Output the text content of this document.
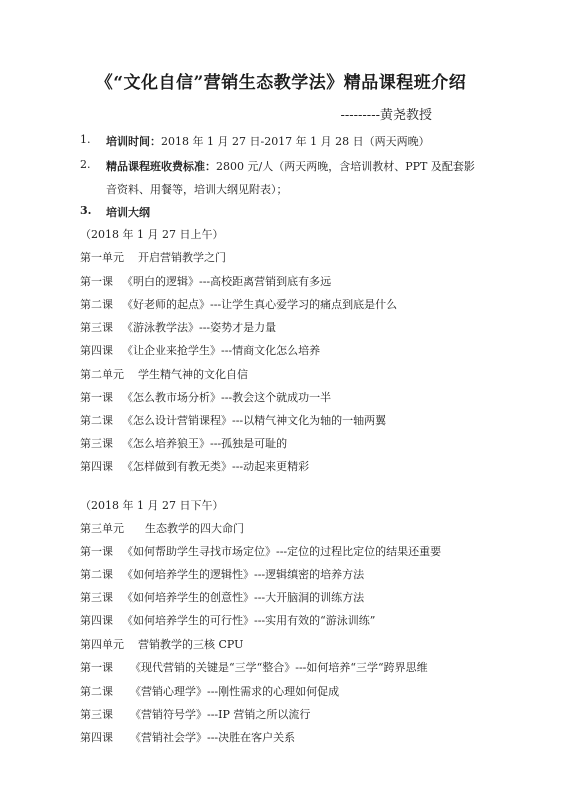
《“文化自信”营销生态教学法》精品课程班介绍
---------黄尧教授
1. 培训时间：2018 年 1 月 27 日-2017 年 1 月 28 日（两天两晚）
2. 精品课程班收费标准：2800 元/人（两天两晚，含培训教材、PPT 及配套影
音资料、用餐等，培训大纲见附表）；
3. 培训大纲
（2018 年 1 月 27 日上午）
第一单元 开启营销教学之门
第一课 《明白的逻辑》---高校距离营销到底有多远
第二课 《好老师的起点》---让学生真心爱学习的痛点到底是什么
第三课 《游泳教学法》---姿势才是力量
第四课 《让企业来抢学生》---情商文化怎么培养
第二单元 学生精气神的文化自信
第一课 《怎么教市场分析》---教会这个就成功一半
第二课 《怎么设计营销课程》---以精气神文化为轴的一轴两翼
第三课 《怎么培养狼王》---孤独是可耻的
第四课 《怎样做到有教无类》---动起来更精彩
（2018 年 1 月 27 日下午）
第三单元 生态教学的四大命门
第一课 《如何帮助学生寻找市场定位》---定位的过程比定位的结果还重要
第二课 《如何培养学生的逻辑性》---逻辑缜密的培养方法
第三课 《如何培养学生的创意性》---大开脑洞的训练方法
第四课 《如何培养学生的可行性》---实用有效的“游泳训练”
第四单元 营销教学的三核 CPU
第一课 《现代营销的关键是“三学“整合》---如何培养“三学“跨界思维
第二课 《营销心理学》---刚性需求的心理如何促成
第三课 《营销符号学》---IP 营销之所以流行
第四课 《营销社会学》---决胜在客户关系
